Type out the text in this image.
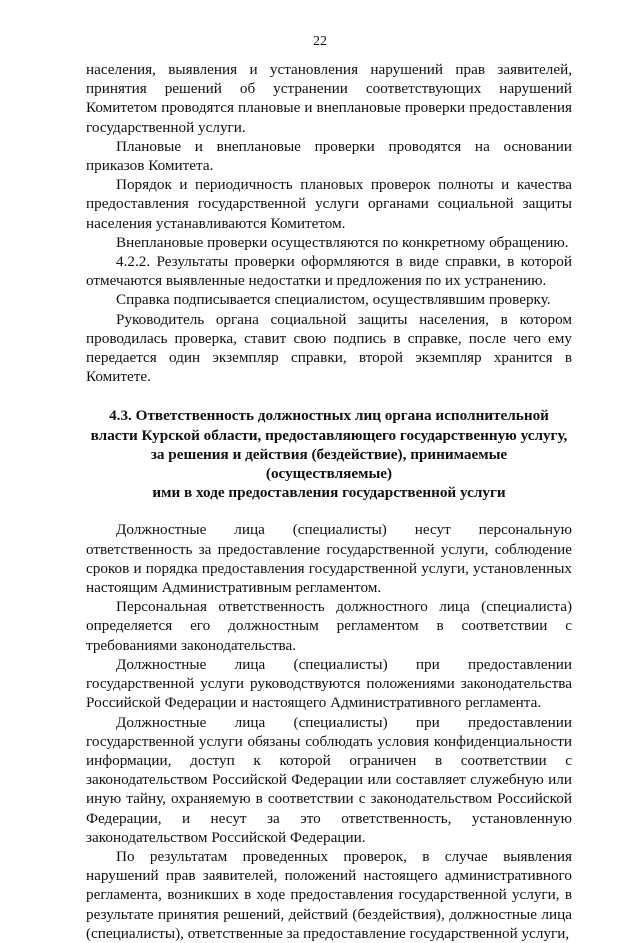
22

населения, выявления и установления нарушений прав заявителей, принятия решений об устранении соответствующих нарушений Комитетом проводятся плановые и внеплановые проверки предоставления государственной услуги.

Плановые и внеплановые проверки проводятся на основании приказов Комитета.

Порядок и периодичность плановых проверок полноты и качества предоставления государственной услуги органами социальной защиты населения устанавливаются Комитетом.

Внеплановые проверки осуществляются по конкретному обращению.

4.2.2. Результаты проверки оформляются в виде справки, в которой отмечаются выявленные недостатки и предложения по их устранению.

Справка подписывается специалистом, осуществлявшим проверку.

Руководитель органа социальной защиты населения, в котором проводилась проверка, ставит свою подпись в справке, после чего ему передается один экземпляр справки, второй экземпляр хранится в Комитете.

4.3. Ответственность должностных лиц органа исполнительной
власти Курской области, предоставляющего государственную услугу,
за решения и действия (бездействие), принимаемые (осуществляемые)
ими в ходе предоставления государственной услуги

Должностные лица (специалисты) несут персональную ответственность за предоставление государственной услуги, соблюдение сроков и порядка предоставления государственной услуги, установленных настоящим Административным регламентом.

Персональная ответственность должностного лица (специалиста) определяется его должностным регламентом в соответствии с требованиями законодательства.

Должностные лица (специалисты) при предоставлении государственной услуги руководствуются положениями законодательства Российской Федерации и настоящего Административного регламента.

Должностные лица (специалисты) при предоставлении государственной услуги обязаны соблюдать условия конфиденциальности информации, доступ к которой ограничен в соответствии с законодательством Российской Федерации или составляет служебную или иную тайну, охраняемую в соответствии с законодательством Российской Федерации, и несут за это ответственность, установленную законодательством Российской Федерации.

По результатам проведенных проверок, в случае выявления нарушений прав заявителей, положений настоящего административного регламента, возникших в ходе предоставления государственной услуги, в результате принятия решений, действий (бездействия), должностные лица (специалисты), ответственные за предоставление государственной услуги,
